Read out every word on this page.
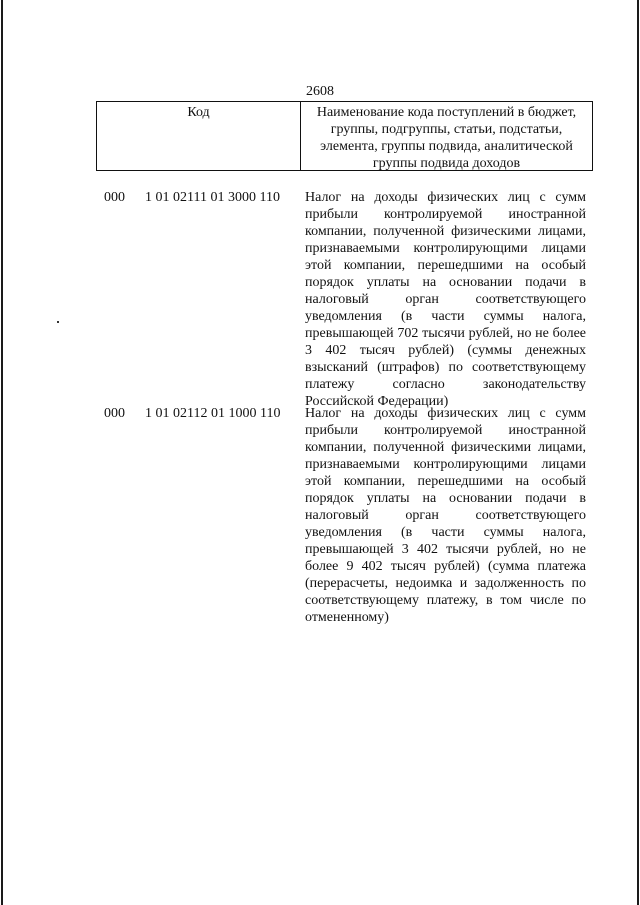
2608
Код	Наименование кода поступлений в бюджет, группы, подгруппы, статьи, подстатьи, элемента, группы подвида, аналитической группы подвида доходов
000 1 01 02111 01 3000 110 Налог на доходы физических лиц с сумм прибыли контролируемой иностранной компании, полученной физическими лицами, признаваемыми контролирующими лицами этой компании, перешедшими на особый порядок уплаты на основании подачи в налоговый орган соответствующего уведомления (в части суммы налога, превышающей 702 тысячи рублей, но не более 3 402 тысяч рублей) (суммы денежных взысканий (штрафов) по соответствующему платежу согласно законодательству Российской Федерации)
000 1 01 02112 01 1000 110 Налог на доходы физических лиц с сумм прибыли контролируемой иностранной компании, полученной физическими лицами, признаваемыми контролирующими лицами этой компании, перешедшими на особый порядок уплаты на основании подачи в налоговый орган соответствующего уведомления (в части суммы налога, превышающей 3 402 тысячи рублей, но не более 9 402 тысяч рублей) (сумма платежа (перерасчеты, недоимка и задолженность по соответствующему платежу, в том числе по отмененному)
